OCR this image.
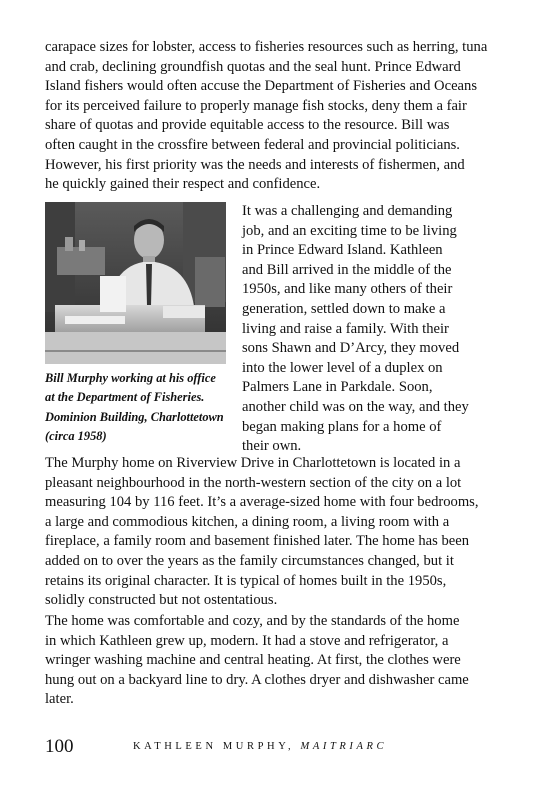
carapace sizes for lobster, access to fisheries resources such as herring, tuna
and crab, declining groundfish quotas and the seal hunt. Prince Edward
Island fishers would often accuse the Department of Fisheries and Oceans
for its perceived failure to properly manage fish stocks, deny them a fair
share of quotas and provide equitable access to the resource. Bill was
often caught in the crossfire between federal and provincial politicians.
However, his first priority was the needs and interests of fishermen, and
he quickly gained their respect and confidence.

Bill Murphy working at his office
at the Department of Fisheries.
Dominion Building, Charlottetown
(circa 1958)
It was a challenging and demanding
job, and an exciting time to be living
in Prince Edward Island. Kathleen
and Bill arrived in the middle of the
1950s, and like many others of their
generation, settled down to make a
living and raise a family. With their
sons Shawn and D’Arcy, they moved
into the lower level of a duplex on
Palmers Lane in Parkdale. Soon,
another child was on the way, and they
began making plans for a home of
their own.

The Murphy home on Riverview Drive in Charlottetown is located in a
pleasant neighbourhood in the north-western section of the city on a lot
measuring 104 by 116 feet. It’s a average-sized home with four bedrooms,
a large and commodious kitchen, a dining room, a living room with a
fireplace, a family room and basement finished later. The home has been
added on to over the years as the family circumstances changed, but it
retains its original character. It is typical of homes built in the 1950s,
solidly constructed but not ostentatious.

The home was comfortable and cozy, and by the standards of the home
in which Kathleen grew up, modern. It had a stove and refrigerator, a
wringer washing machine and central heating. At first, the clothes were
hung out on a backyard line to dry. A clothes dryer and dishwasher came
later.

100	KATHLEEN MURPHY, MAITRIARC
